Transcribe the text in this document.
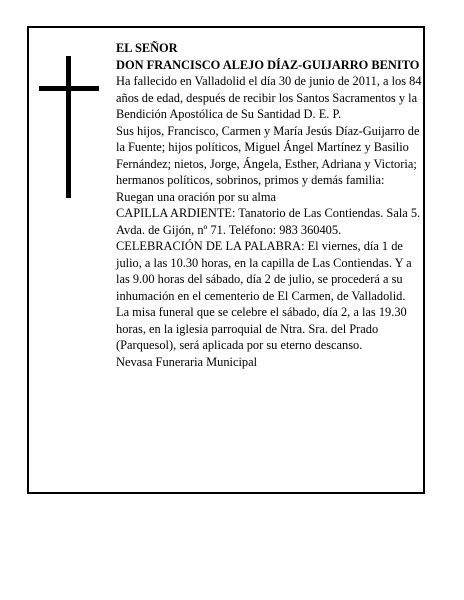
EL SEÑOR

DON FRANCISCO ALEJO DÍAZ-GUIJARRO BENITO

Ha fallecido en Valladolid el día 30 de junio de 2011, a los 84 años de edad, después de recibir los Santos Sacramentos y la Bendición Apostólica de Su Santidad D. E. P.

Sus hijos, Francisco, Carmen y María Jesús Díaz-Guijarro de la Fuente; hijos políticos, Miguel Ángel Martínez y Basilio Fernández; nietos, Jorge, Ángela, Esther, Adriana y Victoria; hermanos políticos, sobrinos, primos y demás familia:

Ruegan una oración por su alma

CAPILLA ARDIENTE: Tanatorio de Las Contiendas. Sala 5. Avda. de Gijón, nº 71. Teléfono: 983 360405.

CELEBRACIÓN DE LA PALABRA: El viernes, día 1 de julio, a las 10.30 horas, en la capilla de Las Contiendas. Y a las 9.00 horas del sábado, día 2 de julio, se procederá a su inhumación en el cementerio de El Carmen, de Valladolid.

La misa funeral que se celebre el sábado, día 2, a las 19.30 horas, en la iglesia parroquial de Ntra. Sra. del Prado (Parquesol), será aplicada por su eterno descanso.

Nevasa Funeraria Municipal
